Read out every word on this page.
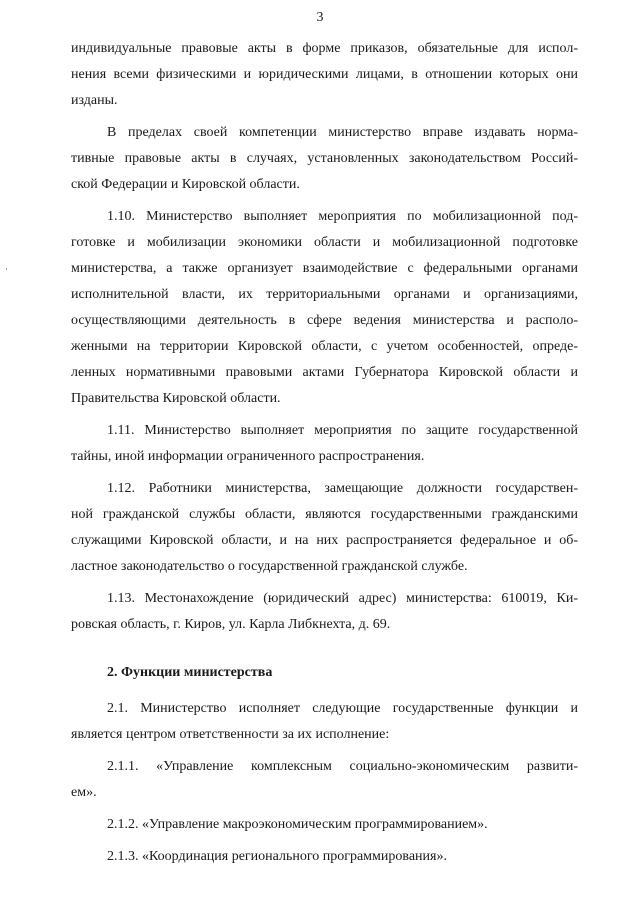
3

индивидуальные правовые акты в форме приказов, обязательные для испол-
нения всеми физическими и юридическими лицами, в отношении которых они
изданы.

В пределах своей компетенции министерство вправе издавать норма-
тивные правовые акты в случаях, установленных законодательством Россий-
ской Федерации и Кировской области.

1.10. Министерство выполняет мероприятия по мобилизационной под-
готовке и мобилизации экономики области и мобилизационной подготовке
министерства, а также организует взаимодействие с федеральными органами
исполнительной власти, их территориальными органами и организациями,
осуществляющими деятельность в сфере ведения министерства и располо-
женными на территории Кировской области, с учетом особенностей, опреде-
ленных нормативными правовыми актами Губернатора Кировской области и
Правительства Кировской области.

1.11. Министерство выполняет мероприятия по защите государственной
тайны, иной информации ограниченного распространения.

1.12. Работники министерства, замещающие должности государствен-
ной гражданской службы области, являются государственными гражданскими
служащими Кировской области, и на них распространяется федеральное и об-
ластное законодательство о государственной гражданской службе.

1.13. Местонахождение (юридический адрес) министерства: 610019, Ки-
ровская область, г. Киров, ул. Карла Либкнехта, д. 69.

2. Функции министерства

2.1. Министерство исполняет следующие государственные функции и
является центром ответственности за их исполнение:

2.1.1. «Управление комплексным социально-экономическим развити-
ем».

2.1.2. «Управление макроэкономическим программированием».

2.1.3. «Координация регионального программирования».
